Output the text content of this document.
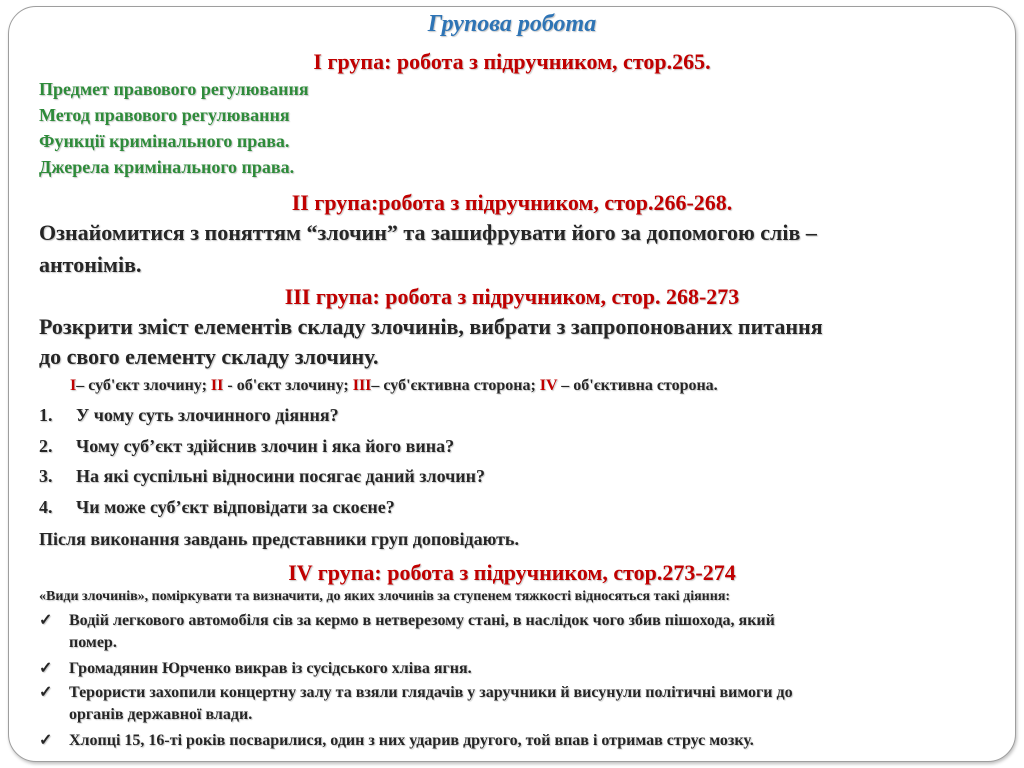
Групова робота
І група: робота з підручником, стор.265.
Предмет правового регулювання
Метод правового регулювання
Функції кримінального права.
Джерела кримінального права.
ІІ група:робота з підручником, стор.266-268.
Ознайомитися з поняттям “злочин” та зашифрувати його за допомогою слів –
антонімів.
ІІІ група: робота з підручником, стор. 268-273
Розкрити зміст елементів складу злочинів, вибрати з запропонованих питання
до свого елементу складу злочину.
І– суб'єкт злочину; ІІ - об'єкт злочину; ІІІ– суб'єктивна сторона; IV – об'єктивна сторона.
1. У чому суть злочинного діяння?
2. Чому суб’єкт здійснив злочин і яка його вина?
3. На які суспільні відносини посягає даний злочин?
4. Чи може суб’єкт відповідати за скоєне?
Після виконання завдань представники груп доповідають.
IV група: робота з підручником, стор.273-274
«Види злочинів», поміркувати та визначити, до яких злочинів за ступенем тяжкості відносяться такі діяння:
✓ Водій легкового автомобіля сів за кермо в нетверезому стані, в наслідок чого збив пішохода, який
помер.
✓ Громадянин Юрченко викрав із сусідського хліва ягня.
✓ Терористи захопили концертну залу та взяли глядачів у заручники й висунули політичні вимоги до
органів державної влади.
✓ Хлопці 15, 16-ті років посварилися, один з них ударив другого, той впав і отримав струс мозку.
